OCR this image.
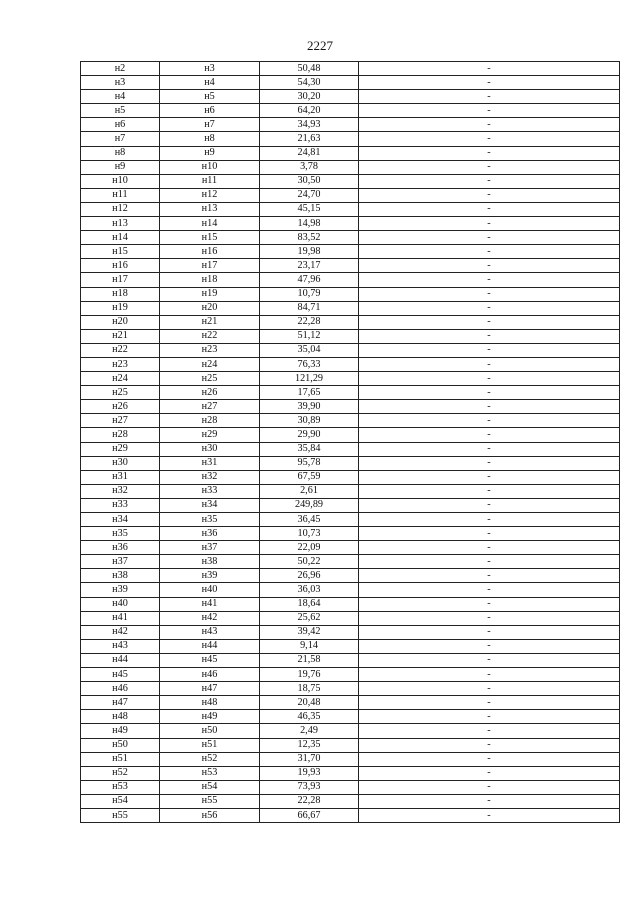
2227
н2	н3	50,48	-
н3	н4	54,30	-
н4	н5	30,20	-
н5	н6	64,20	-
н6	н7	34,93	-
н7	н8	21,63	-
н8	н9	24,81	-
н9	н10	3,78	-
н10	н11	30,50	-
н11	н12	24,70	-
н12	н13	45,15	-
н13	н14	14,98	-
н14	н15	83,52	-
н15	н16	19,98	-
н16	н17	23,17	-
н17	н18	47,96	-
н18	н19	10,79	-
н19	н20	84,71	-
н20	н21	22,28	-
н21	н22	51,12	-
н22	н23	35,04	-
н23	н24	76,33	-
н24	н25	121,29	-
н25	н26	17,65	-
н26	н27	39,90	-
н27	н28	30,89	-
н28	н29	29,90	-
н29	н30	35,84	-
н30	н31	95,78	-
н31	н32	67,59	-
н32	н33	2,61	-
н33	н34	249,89	-
н34	н35	36,45	-
н35	н36	10,73	-
н36	н37	22,09	-
н37	н38	50,22	-
н38	н39	26,96	-
н39	н40	36,03	-
н40	н41	18,64	-
н41	н42	25,62	-
н42	н43	39,42	-
н43	н44	9,14	-
н44	н45	21,58	-
н45	н46	19,76	-
н46	н47	18,75	-
н47	н48	20,48	-
н48	н49	46,35	-
н49	н50	2,49	-
н50	н51	12,35	-
н51	н52	31,70	-
н52	н53	19,93	-
н53	н54	73,93	-
н54	н55	22,28	-
н55	н56	66,67	-
